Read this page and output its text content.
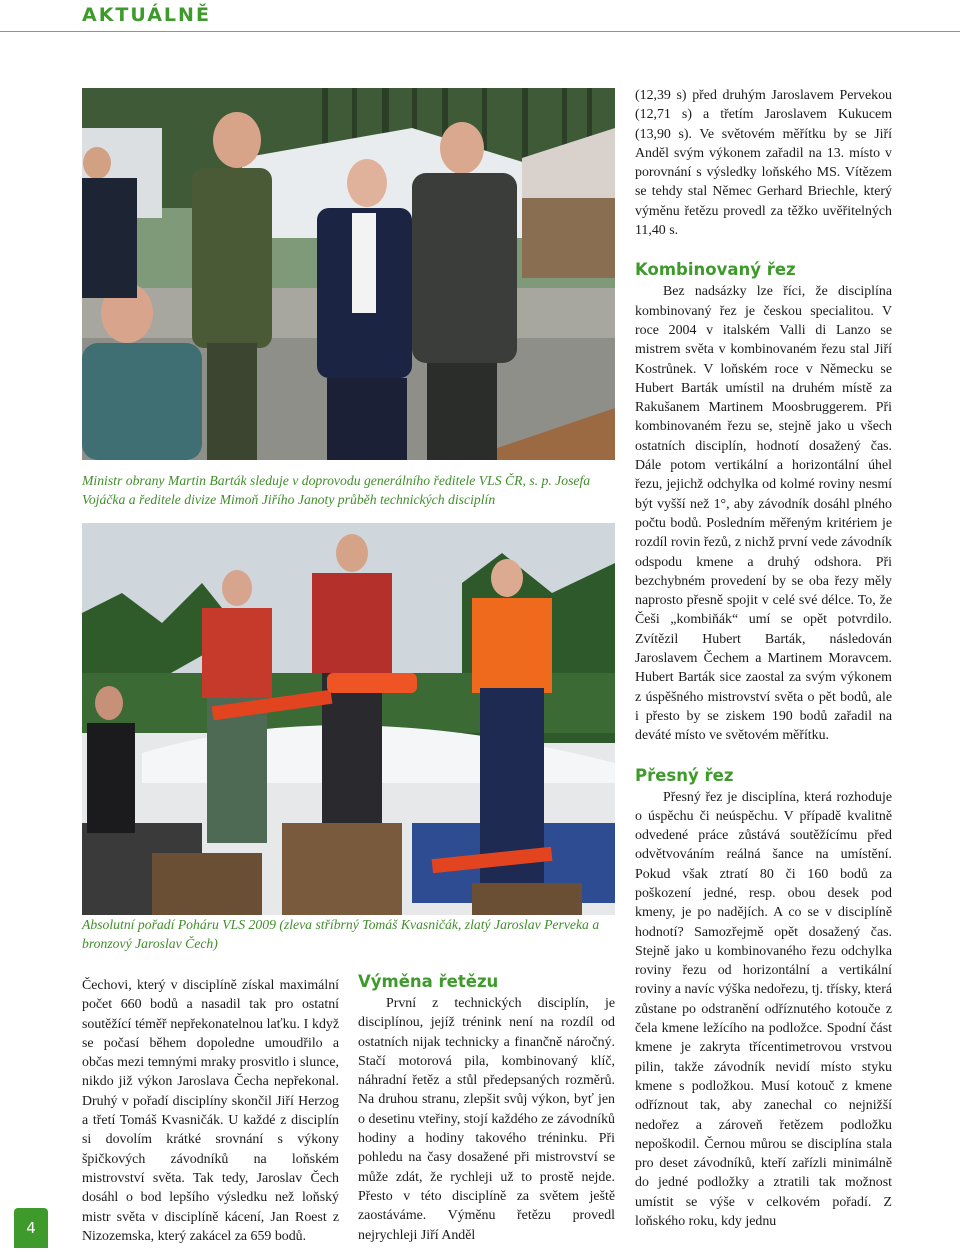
AKTUÁLNĚ

Ministr obrany Martin Barták sleduje v doprovodu generálního ředitele VLS ČR, s. p. Josefa Vojáčka a ředitele divize Mimoň Jiřího Janoty průběh technických disciplín

Absolutní pořadí Poháru VLS 2009 (zleva stříbrný Tomáš Kvasničák, zlatý Jaroslav Perveka a bronzový Jaroslav Čech)

Čechovi, který v disciplíně získal maximální počet 660 bodů a nasadil tak pro ostatní soutěžící téměř nepřekonatelnou laťku. I když se počasí během dopoledne umoudřilo a občas mezi temnými mraky prosvitlo i slunce, nikdo již výkon Jaroslava Čecha nepřekonal. Druhý v pořadí disciplíny skončil Jiří Herzog a třetí Tomáš Kvasničák. U každé z disciplín si dovolím krátké srovnání s výkony špičkových závodníků na loňském mistrovství světa. Tak tedy, Jaroslav Čech dosáhl o bod lepšího výsledku než loňský mistr světa v disciplíně kácení, Jan Roest z Nizozemska, který zakácel za 659 bodů.

Výměna řetězu

První z technických disciplín, je disciplínou, jejíž trénink není na rozdíl od ostatních nijak technicky a finančně náročný. Stačí motorová pila, kombinovaný klíč, náhradní řetěz a stůl předepsaných rozměrů. Na druhou stranu, zlepšit svůj výkon, byť jen o desetinu vteřiny, stojí každého ze závodníků hodiny a hodiny takového tréninku. Při pohledu na časy dosažené při mistrovství se může zdát, že rychleji už to prostě nejde. Přesto v této disciplíně za světem ještě zaostáváme. Výměnu řetězu provedl nejrychleji Jiří Anděl

(12,39 s) před druhým Jaroslavem Pervekou (12,71 s) a třetím Jaroslavem Kukucem (13,90 s). Ve světovém měřítku by se Jiří Anděl svým výkonem zařadil na 13. místo v porovnání s výsledky loňského MS. Vítězem se tehdy stal Němec Gerhard Briechle, který výměnu řetězu provedl za těžko uvěřitelných 11,40 s.

Kombinovaný řez

Bez nadsázky lze říci, že disciplína kombinovaný řez je českou specialitou. V roce 2004 v italském Valli di Lanzo se mistrem světa v kombinovaném řezu stal Jiří Kostrůnek. V loňském roce v Německu se Hubert Barták umístil na druhém místě za Rakušanem Martinem Moosbruggerem. Při kombinovaném řezu se, stejně jako u všech ostatních disciplín, hodnotí dosažený čas. Dále potom vertikální a horizontální úhel řezu, jejichž odchylka od kolmé roviny nesmí být vyšší než 1°, aby závodník dosáhl plného počtu bodů. Posledním měřeným kritériem je rozdíl rovin řezů, z nichž první vede závodník odspodu kmene a druhý odshora. Při bezchybném provedení by se oba řezy měly naprosto přesně spojit v celé své délce. To, že Češi „kombiňák“ umí se opět potvrdilo. Zvítězil Hubert Barták, následován Jaroslavem Čechem a Martinem Moravcem. Hubert Barták sice zaostal za svým výkonem z úspěšného mistrovství světa o pět bodů, ale i přesto by se ziskem 190 bodů zařadil na deváté místo ve světovém měřítku.

Přesný řez

Přesný řez je disciplína, která rozhoduje o úspěchu či neúspěchu. V případě kvalitně odvedené práce zůstává soutěžícímu před odvětvováním reálná šance na umístění. Pokud však ztratí 80 či 160 bodů za poškození jedné, resp. obou desek pod kmeny, je po nadějích. A co se v disciplíně hodnotí? Samozřejmě opět dosažený čas. Stejně jako u kombinovaného řezu odchylka roviny řezu od horizontální a vertikální roviny a navíc výška nedořezu, tj. třísky, která zůstane po odstranění odříznutého kotouče z čela kmene ležícího na podložce. Spodní část kmene je zakryta třícentimetrovou vrstvou pilin, takže závodník nevidí místo styku kmene s podložkou. Musí kotouč z kmene odříznout tak, aby zanechal co nejnižší nedořez a zároveň řetězem podložku nepoškodil. Černou můrou se disciplína stala pro deset závodníků, kteří zařízli minimálně do jedné podložky a ztratili tak možnost umístit se výše v celkovém pořadí. Z loňského roku, kdy jednu

4
